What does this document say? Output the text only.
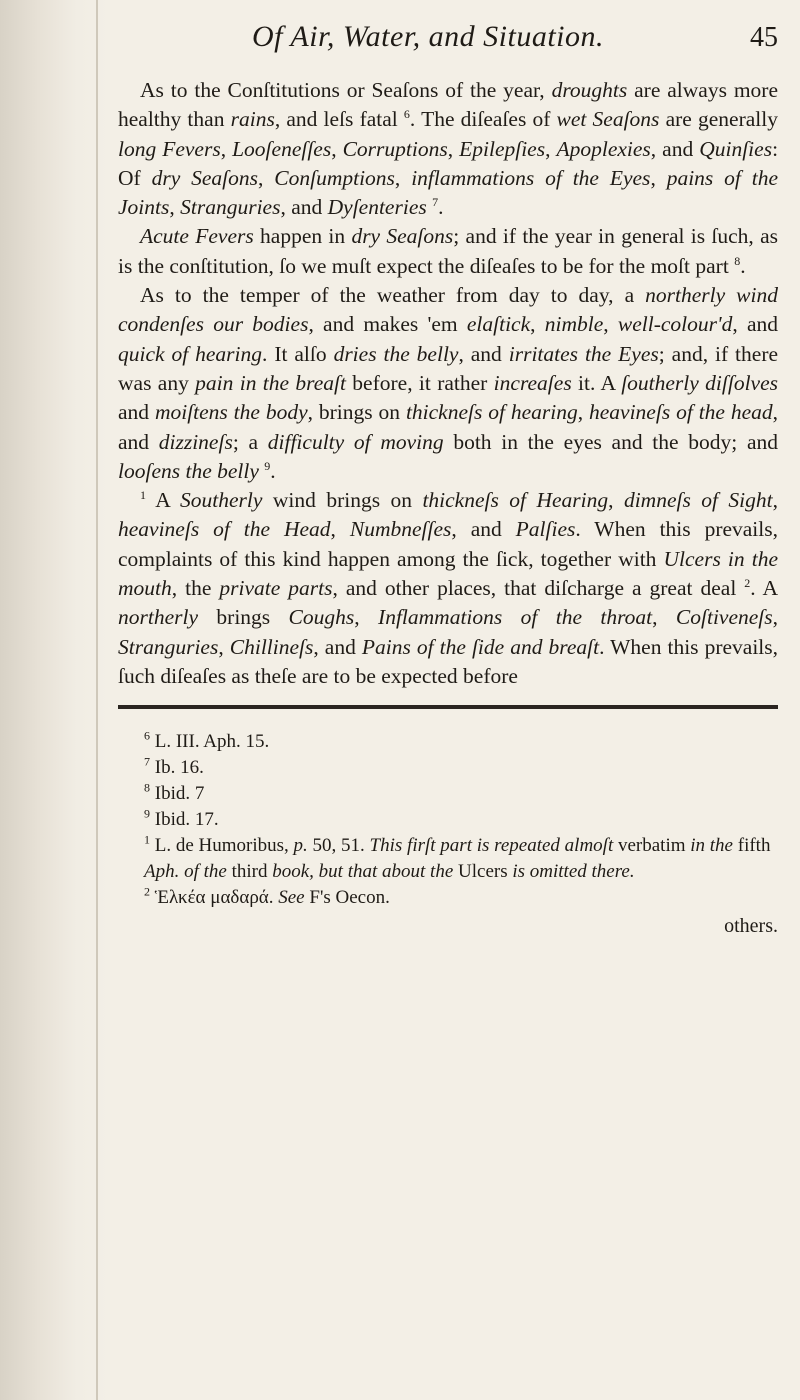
Of Air, Water, and Situation.	45

As to the Conſtitutions or Seaſons of the year, droughts are always more healthy than rains, and leſs fatal $^6$. The diſeaſes of wet Seaſons are generally long Fevers, Looſeneſſes, Corruptions, Epilepſies, Apoplexies, and Quinſies: Of dry Seaſons, Conſumptions, inflammations of the Eyes, pains of the Joints, Stranguries, and Dyſenteries $^7$.

Acute Fevers happen in dry Seaſons; and if the year in general is ſuch, as is the conſtitution, ſo we muſt expect the diſeaſes to be for the moſt part $^8$.

As to the temper of the weather from day to day, a northerly wind condenſes our bodies, and makes 'em elaſtick, nimble, well-colour'd, and quick of hearing. It alſo dries the belly, and irritates the Eyes; and, if there was any pain in the breaſt before, it rather increaſes it. A ſoutherly diſſolves and moiſtens the body, brings on thickneſs of hearing, heavineſs of the head, and dizzineſs; a difficulty of moving both in the eyes and the body; and looſens the belly $^9$.

$^1$ A Southerly wind brings on thickneſs of Hearing, dimneſs of Sight, heavineſs of the Head, Numbneſſes, and Palſies. When this prevails, complaints of this kind happen among the ſick, together with Ulcers in the mouth, the private parts, and other places, that diſcharge a great deal $^2$. A northerly brings Coughs, Inflammations of the throat, Coſtiveneſs, Stranguries, Chillineſs, and Pains of the ſide and breaſt. When this prevails, ſuch diſeaſes as theſe are to be expected before

$^6$ L. III. Aph. 15.

$^7$ Ib. 16.

$^8$ Ibid. 7

$^9$ Ibid. 17.

$^1$ L. de Humoribus, p. 50, 51. This firſt part is repeated almoſt verbatim in the fifth Aph. of the third book, but that about the Ulcers is omitted there.

$^2$ Ἑλκέα μαδαρά. See F's Oecon.

others.
